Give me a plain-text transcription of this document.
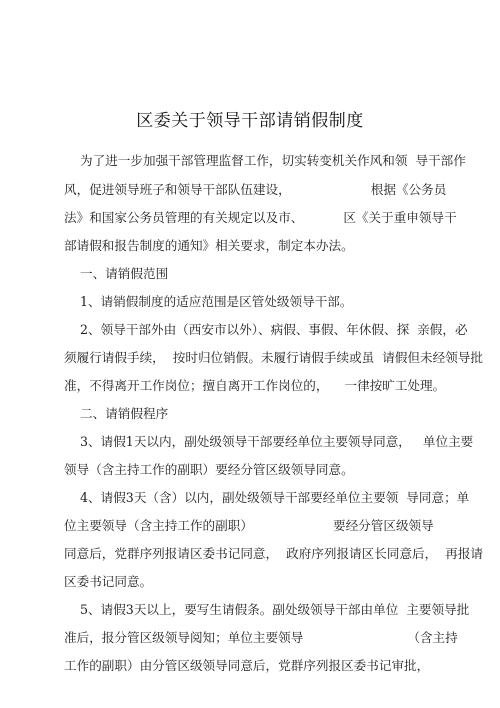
区委关于领导干部请销假制度
为了进一步加强干部管理监督工作，切实转变机关作风和领  导干部作
风，促进领导班子和领导干部队伍建设，                    根据《公务员
法》和国家公务员管理的有关规定以及市、          区《关于重申领导干
部请假和报告制度的通知》相关要求，制定本办法。
一、请销假范围
1、请销假制度的适应范围是区管处级领导干部。
2、领导干部外由（西安市以外）、病假、事假、年休假、探  亲假，必
须履行请假手续，  按时归位销假。未履行请假手续或虽  请假但未经领导批
准，不得离开工作岗位；擅自离开工作岗位的，    一律按旷工处理。
二、请销假程序
3、请假1天以内，副处级领导干部要经单位主要领导同意，   单位主要
领导（含主持工作的副职）要经分管区级领导同意。
4、请假3天（含）以内，副处级领导干部要经单位主要领  导同意；单
位主要领导（含主持工作的副职）                    要经分管区级领导
同意后，党群序列报请区委书记同意，  政府序列报请区长同意后，  再报请
区委书记同意。
5、请假3天以上，要写生请假条。副处级领导干部由单位  主要领导批
准后，报分管区级领导阅知；单位主要领导                          （含主持
工作的副职）由分管区级领导同意后，党群序列报区委书记审批，
